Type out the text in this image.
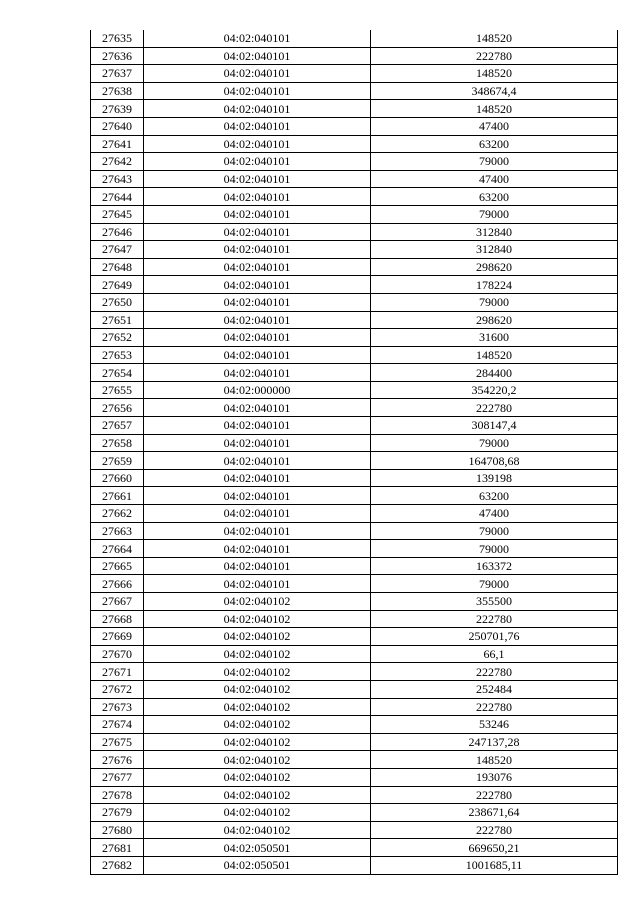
27635	04:02:040101	148520
27636	04:02:040101	222780
27637	04:02:040101	148520
27638	04:02:040101	348674,4
27639	04:02:040101	148520
27640	04:02:040101	47400
27641	04:02:040101	63200
27642	04:02:040101	79000
27643	04:02:040101	47400
27644	04:02:040101	63200
27645	04:02:040101	79000
27646	04:02:040101	312840
27647	04:02:040101	312840
27648	04:02:040101	298620
27649	04:02:040101	178224
27650	04:02:040101	79000
27651	04:02:040101	298620
27652	04:02:040101	31600
27653	04:02:040101	148520
27654	04:02:040101	284400
27655	04:02:000000	354220,2
27656	04:02:040101	222780
27657	04:02:040101	308147,4
27658	04:02:040101	79000
27659	04:02:040101	164708,68
27660	04:02:040101	139198
27661	04:02:040101	63200
27662	04:02:040101	47400
27663	04:02:040101	79000
27664	04:02:040101	79000
27665	04:02:040101	163372
27666	04:02:040101	79000
27667	04:02:040102	355500
27668	04:02:040102	222780
27669	04:02:040102	250701,76
27670	04:02:040102	66,1
27671	04:02:040102	222780
27672	04:02:040102	252484
27673	04:02:040102	222780
27674	04:02:040102	53246
27675	04:02:040102	247137,28
27676	04:02:040102	148520
27677	04:02:040102	193076
27678	04:02:040102	222780
27679	04:02:040102	238671,64
27680	04:02:040102	222780
27681	04:02:050501	669650,21
27682	04:02:050501	1001685,11
